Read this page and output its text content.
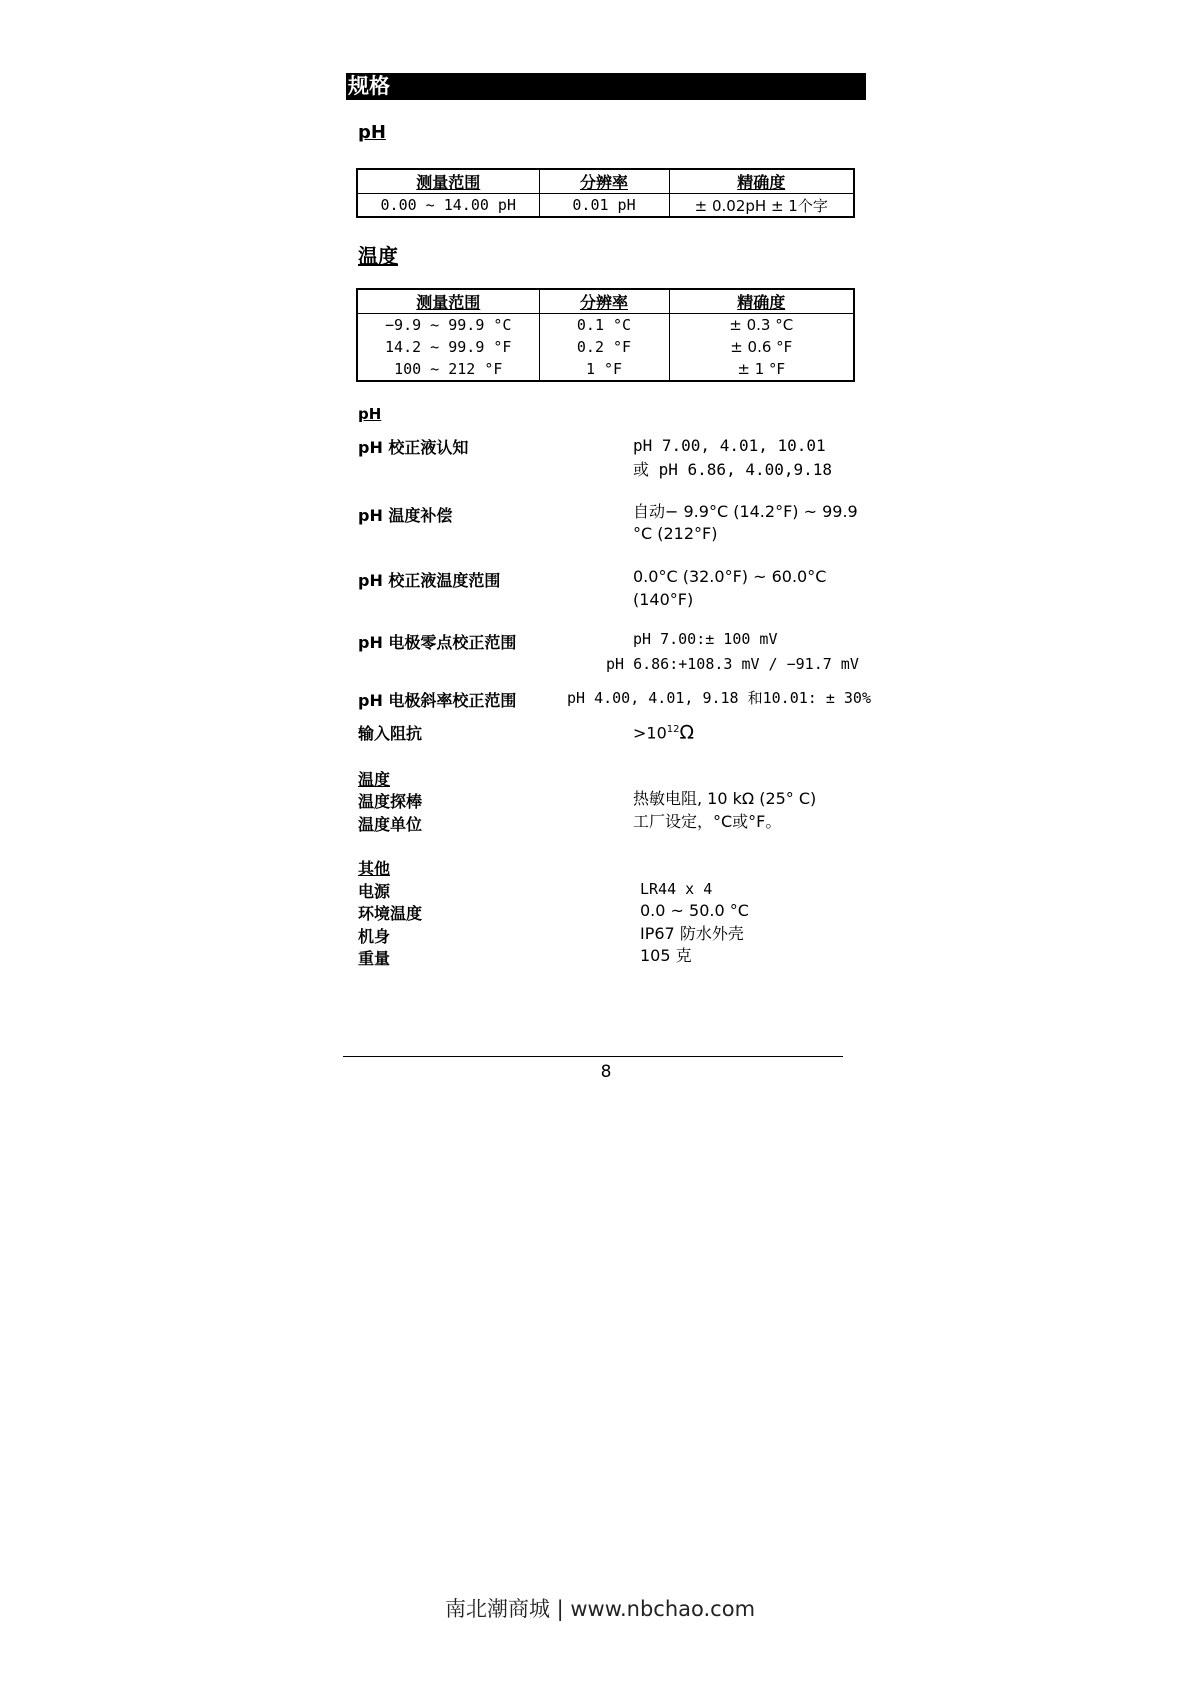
规格
pH
测量范围	分辨率	精确度
0.00 ~ 14.00 pH	0.01 pH	± 0.02pH ± 1个字
温度
测量范围	分辨率	精确度
−9.9 ~ 99.9 °C	0.1 °C	± 0.3 °C
14.2 ~ 99.9 °F	0.2 °F	± 0.6 °F
100 ~ 212 °F	1 °F	± 1 °F
pH
pH 校正液认知	pH 7.00, 4.01, 10.01
或 pH 6.86, 4.00,9.18
pH 温度补偿	自动− 9.9°C (14.2°F) ~ 99.9
°C (212°F)
pH 校正液温度范围	0.0°C (32.0°F) ~ 60.0°C
(140°F)
pH 电极零点校正范围	pH 7.00:± 100 mV
pH 6.86:+108.3 mV / −91.7 mV
pH 电极斜率校正范围	pH 4.00, 4.01, 9.18 和10.01: ± 30%
输入阻抗	$>10^{12}\Omega$
温度
温度探棒	热敏电阻, 10 kΩ (25° C)
温度单位	工厂设定，°C或°F。
其他
电源	LR44 x 4
环境温度	0.0 ~ 50.0 °C
机身	IP67 防水外壳
重量	105 克
8
南北潮商城 | www.nbchao.com
